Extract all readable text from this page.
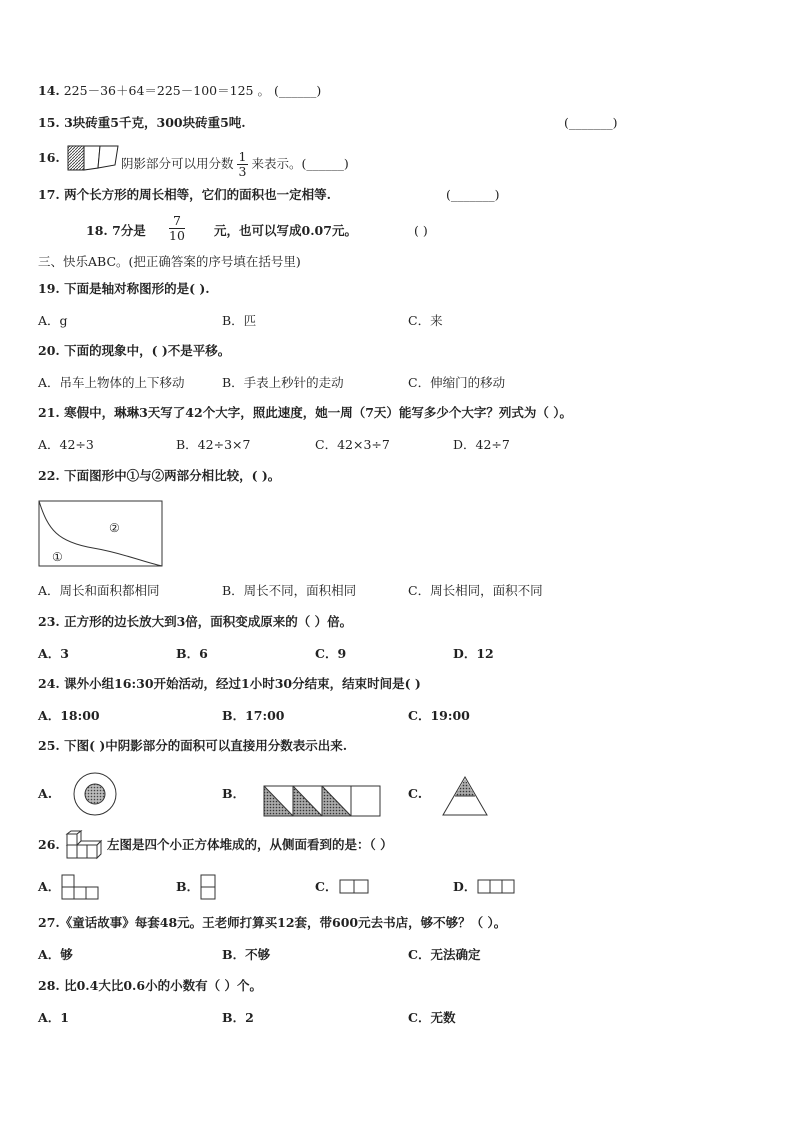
14. 225－36＋64＝225－100＝125 。 (______)
15. 3块砖重5千克，300块砖重5吨.	(_______)
16.	阴影部分可以用分数 $\frac{1}{3}$ 来表示。(______)
17. 两个长方形的周长相等，它们的面积也一定相等.	(_______)
18. 7分是 $\frac{7}{10}$ 元，也可以写成0.07元。	( )
三、快乐ABC。(把正确答案的序号填在括号里)
19. 下面是轴对称图形的是( ).
A．g	B．匹	C．来
20. 下面的现象中，( )不是平移。
A．吊车上物体的上下移动	B．手表上秒针的走动	C．伸缩门的移动
21. 寒假中，琳琳3天写了42个大字，照此速度，她一周（7天）能写多少个大字？列式为（ ）。
A．42÷3	B．42÷3×7	C．42×3÷7	D．42÷7
22. 下面图形中①与②两部分相比较，( )。
②
①
A．周长和面积都相同	B．周长不同，面积相同	C．周长相同，面积不同
23. 正方形的边长放大到3倍，面积变成原来的（ ）倍。
A．3	B．6	C．9	D．12
24. 课外小组16:30开始活动，经过1小时30分结束，结束时间是( )
A．18:00	B．17:00	C．19:00
25. 下图( )中阴影部分的面积可以直接用分数表示出来.
A.	B．	C.
26.	左图是四个小正方体堆成的，从侧面看到的是：（ ）
A．	B．	C．	D．
27.《童话故事》每套48元。王老师打算买12套，带600元去书店，够不够？（ ）。
A．够	B．不够	C．无法确定
28. 比0.4大比0.6小的小数有（ ）个。
A．1	B．2	C．无数
